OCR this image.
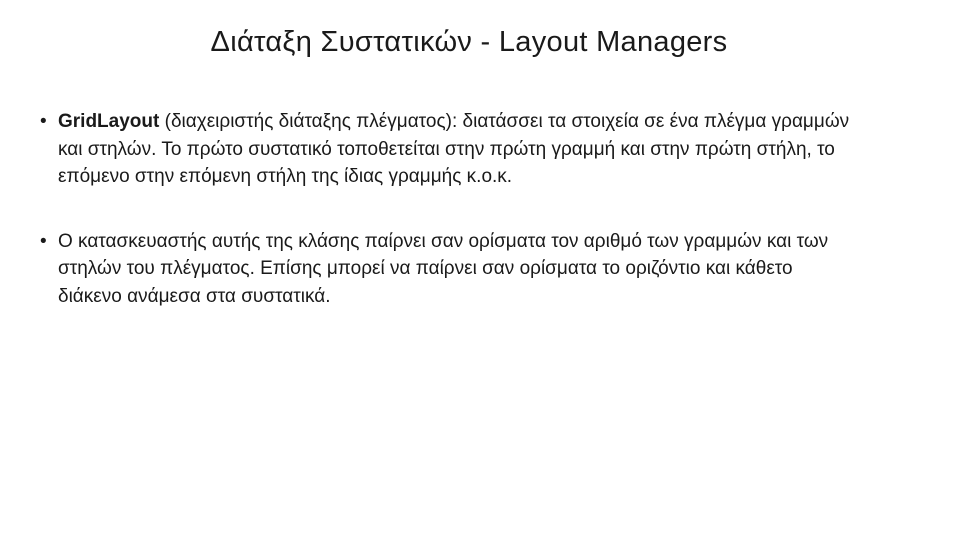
Διάταξη Συστατικών - Layout Managers
• GridLayout (διαχειριστής διάταξης πλέγματος): διατάσσει τα στοιχεία σε ένα πλέγμα γραμμών και στηλών. Το πρώτο συστατικό τοποθετείται στην πρώτη γραμμή και στην πρώτη στήλη, το επόμενο στην επόμενη στήλη της ίδιας γραμμής κ.ο.κ.
• Ο κατασκευαστής αυτής της κλάσης παίρνει σαν ορίσματα τον αριθμό των γραμμών και των στηλών του πλέγματος. Επίσης μπορεί να παίρνει σαν ορίσματα το οριζόντιο και κάθετο διάκενο ανάμεσα στα συστατικά.
